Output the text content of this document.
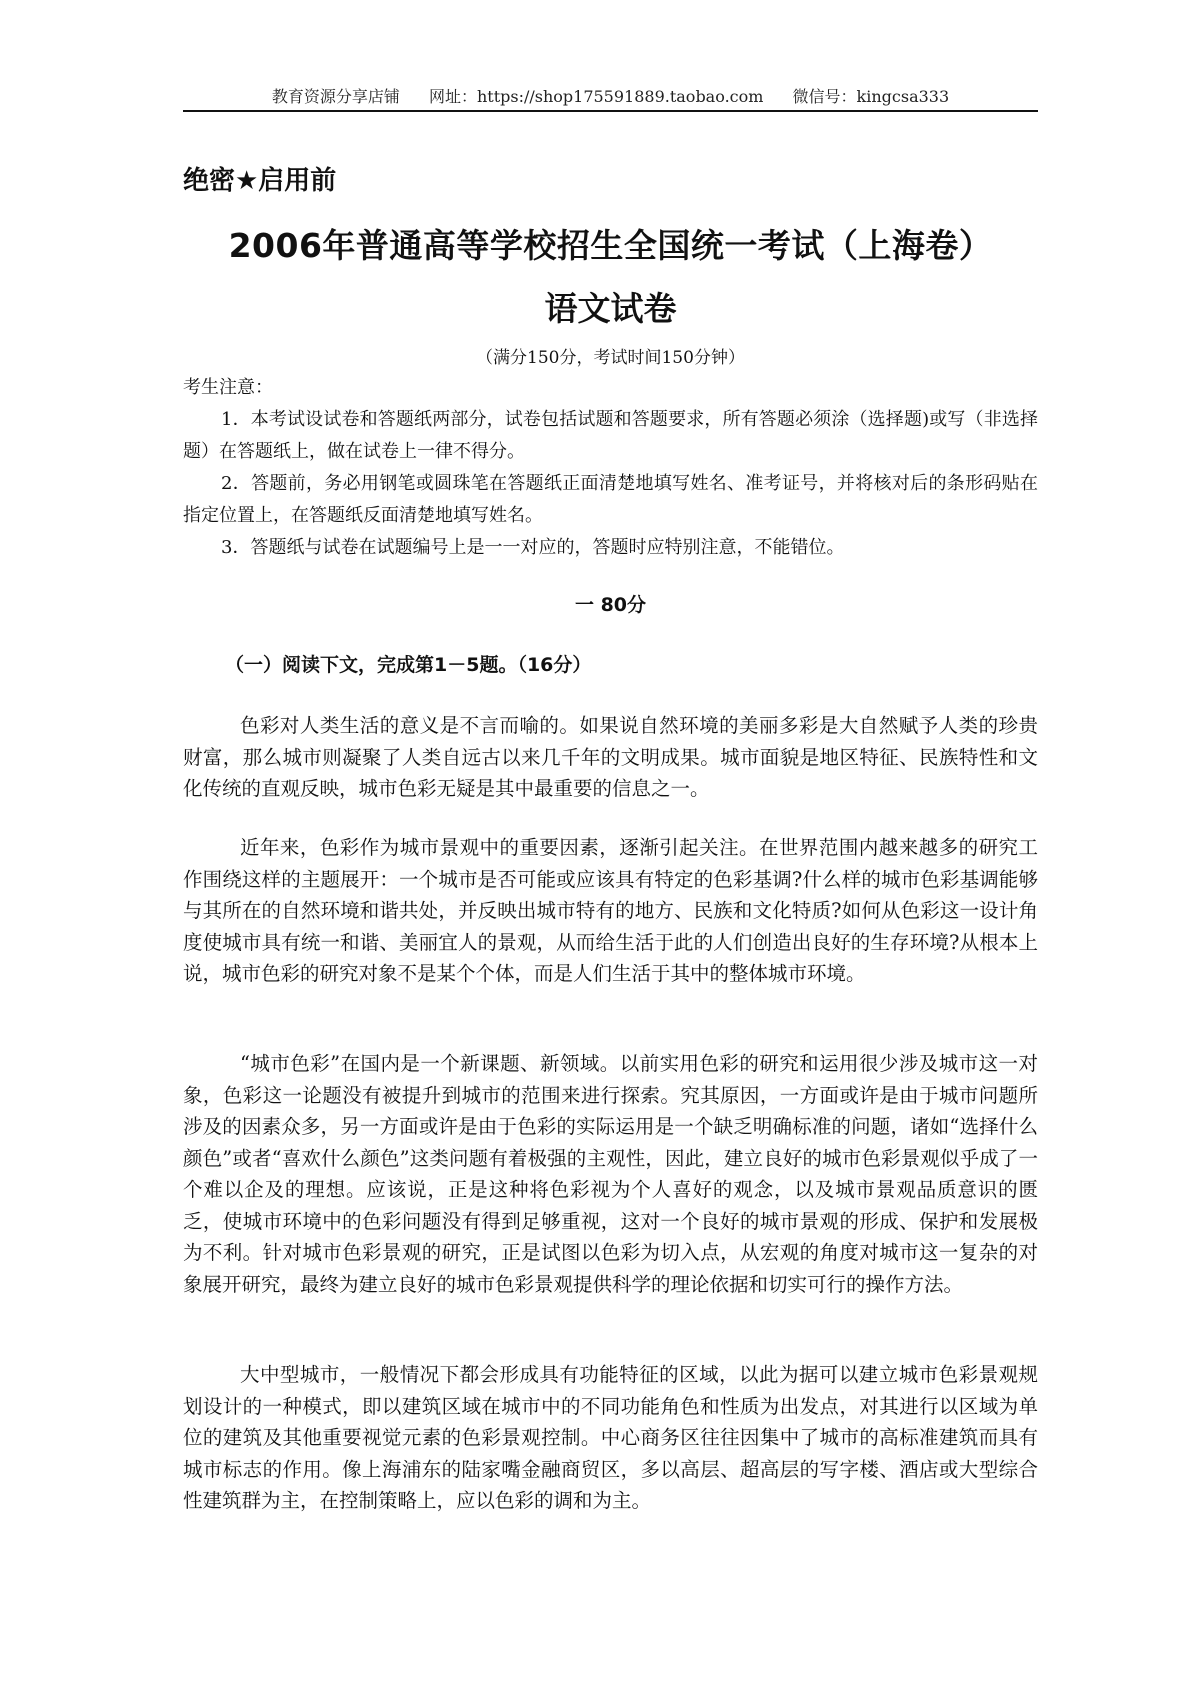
教育资源分享店铺 网址：https://shop175591889.taobao.com 微信号：kingcsa333
绝密★启用前
2006年普通高等学校招生全国统一考试（上海卷）
语文试卷
（满分150分，考试时间150分钟）
考生注意：
1．本考试设试卷和答题纸两部分，试卷包括试题和答题要求，所有答题必须涂（选择题)或写（非选择题）在答题纸上，做在试卷上一律不得分。
2．答题前，务必用钢笔或圆珠笔在答题纸正面清楚地填写姓名、准考证号，并将核对后的条形码贴在指定位置上，在答题纸反面清楚地填写姓名。
3．答题纸与试卷在试题编号上是一一对应的，答题时应特别注意，不能错位。
一 80分
（一）阅读下文，完成第1－5题。（16分）

色彩对人类生活的意义是不言而喻的。如果说自然环境的美丽多彩是大自然赋予人类的珍贵财富，那么城市则凝聚了人类自远古以来几千年的文明成果。城市面貌是地区特征、民族特性和文化传统的直观反映，城市色彩无疑是其中最重要的信息之一。

近年来，色彩作为城市景观中的重要因素，逐渐引起关注。在世界范围内越来越多的研究工作围绕这样的主题展开：一个城市是否可能或应该具有特定的色彩基调?什么样的城市色彩基调能够与其所在的自然环境和谐共处，并反映出城市特有的地方、民族和文化特质?如何从色彩这一设计角度使城市具有统一和谐、美丽宜人的景观，从而给生活于此的人们创造出良好的生存环境?从根本上说，城市色彩的研究对象不是某个个体，而是人们生活于其中的整体城市环境。

“城市色彩”在国内是一个新课题、新领域。以前实用色彩的研究和运用很少涉及城市这一对象，色彩这一论题没有被提升到城市的范围来进行探索。究其原因，一方面或许是由于城市问题所涉及的因素众多，另一方面或许是由于色彩的实际运用是一个缺乏明确标准的问题，诸如“选择什么颜色”或者“喜欢什么颜色”这类问题有着极强的主观性，因此，建立良好的城市色彩景观似乎成了一个难以企及的理想。应该说，正是这种将色彩视为个人喜好的观念，以及城市景观品质意识的匮乏，使城市环境中的色彩问题没有得到足够重视，这对一个良好的城市景观的形成、保护和发展极为不利。针对城市色彩景观的研究，正是试图以色彩为切入点，从宏观的角度对城市这一复杂的对象展开研究，最终为建立良好的城市色彩景观提供科学的理论依据和切实可行的操作方法。

大中型城市，一般情况下都会形成具有功能特征的区域，以此为据可以建立城市色彩景观规划设计的一种模式，即以建筑区域在城市中的不同功能角色和性质为出发点，对其进行以区域为单位的建筑及其他重要视觉元素的色彩景观控制。中心商务区往往因集中了城市的高标准建筑而具有城市标志的作用。像上海浦东的陆家嘴金融商贸区，多以高层、超高层的写字楼、酒店或大型综合性建筑群为主，在控制策略上，应以色彩的调和为主。
